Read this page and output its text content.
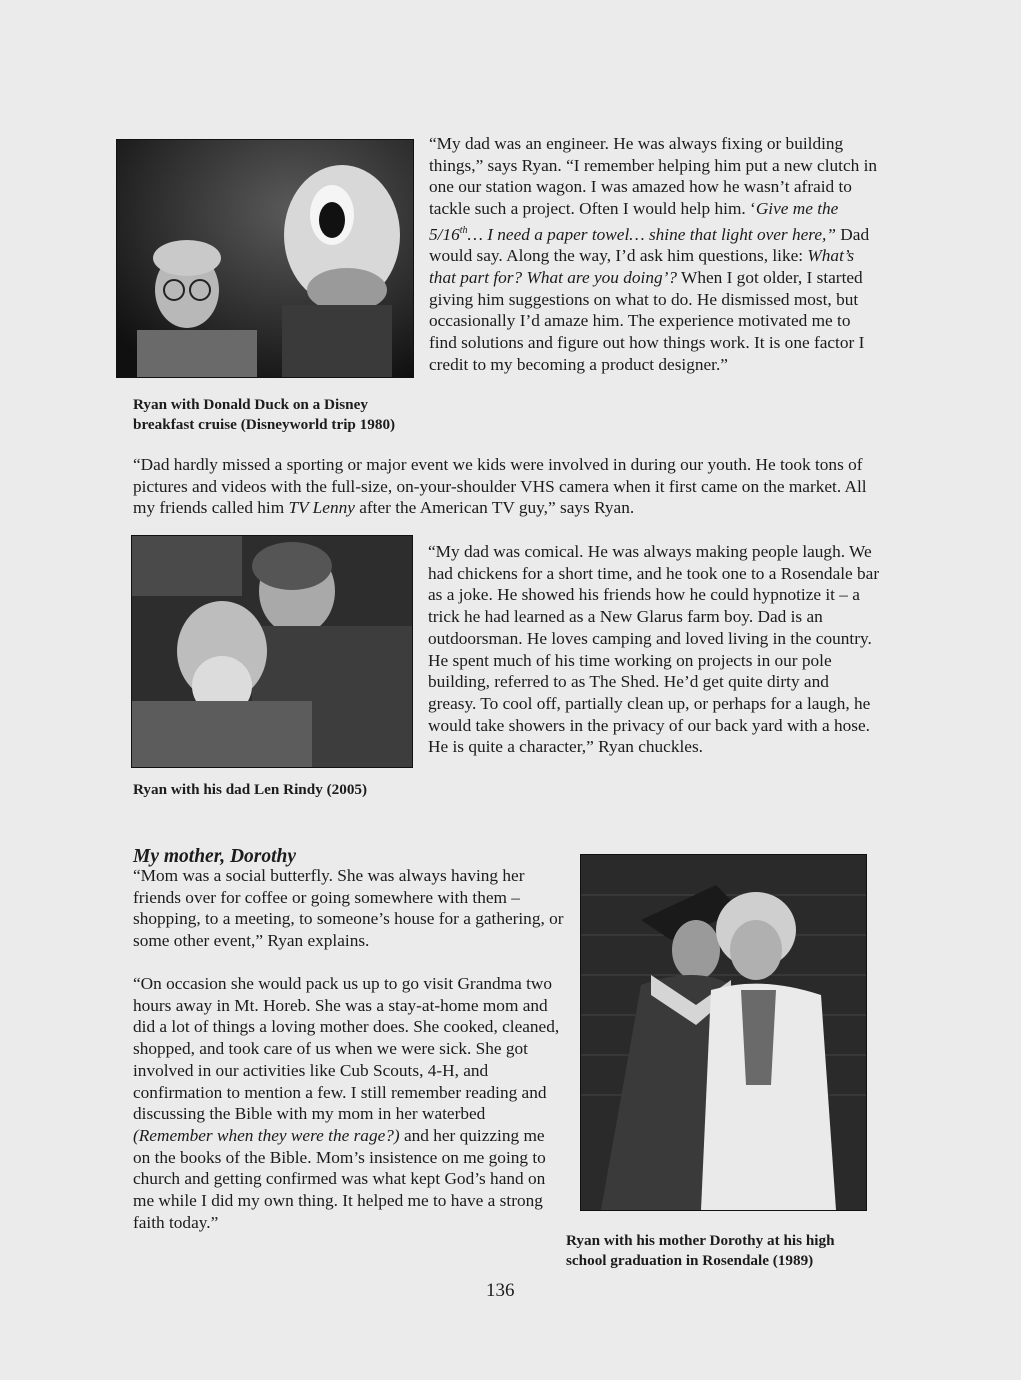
Ryan with Donald Duck on a Disney
breakfast cruise (Disneyworld trip 1980)

“My dad was an engineer. He was always fixing or building things,” says Ryan. “I remember helping him put a new clutch in one our station wagon. I was amazed how he wasn’t afraid to tackle such a project. Often I would help him. ‘Give me the 5/16th… I need a paper towel… shine that light over here,” Dad would say. Along the way, I’d ask him questions, like: What’s that part for? What are you doing’? When I got older, I started giving him suggestions on what to do. He dismissed most, but occasionally I’d amaze him. The experience motivated me to find solutions and figure out how things work. It is one factor I credit to my becoming a product designer.”

“Dad hardly missed a sporting or major event we kids were involved in during our youth. He took tons of pictures and videos with the full-size, on-your-shoulder VHS camera when it first came on the market. All my friends called him TV Lenny after the American TV guy,” says Ryan.

Ryan with his dad Len Rindy (2005)

“My dad was comical. He was always making people laugh. We had chickens for a short time, and he took one to a Rosendale bar as a joke. He showed his friends how he could hypnotize it – a trick he had learned as a New Glarus farm boy. Dad is an outdoorsman. He loves camping and loved living in the country. He spent much of his time working on projects in our pole building, referred to as The Shed. He’d get quite dirty and greasy. To cool off, partially clean up, or perhaps for a laugh, he would take showers in the privacy of our back yard with a hose. He is quite a character,” Ryan chuckles.

My mother, Dorothy

“Mom was a social butterfly. She was always having her friends over for coffee or going somewhere with them – shopping, to a meeting, to someone’s house for a gathering, or some other event,” Ryan explains.

“On occasion she would pack us up to go visit Grandma two hours away in Mt. Horeb. She was a stay-at-home mom and did a lot of things a loving mother does. She cooked, cleaned, shopped, and took care of us when we were sick. She got involved in our activities like Cub Scouts, 4-H, and confirmation to mention a few. I still remember reading and discussing the Bible with my mom in her waterbed (Remember when they were the rage?) and her quizzing me on the books of the Bible. Mom’s insistence on me going to church and getting confirmed was what kept God’s hand on me while I did my own thing. It helped me to have a strong faith today.”

Ryan with his mother Dorothy at his high
school graduation in Rosendale (1989)
136
